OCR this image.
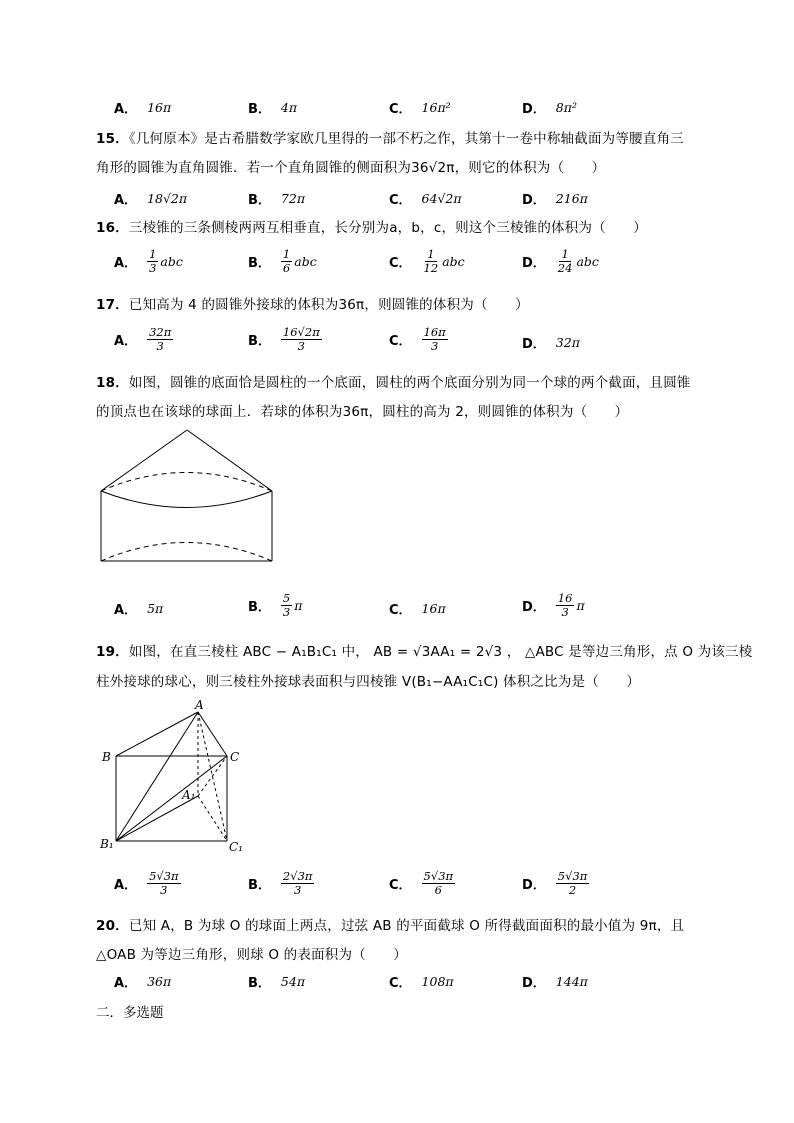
A． 16π	B． 4π	C． 16π²	D． 8π²
15．《几何原本》是古希腊数学家欧几里得的一部不朽之作，其第十一卷中称轴截面为等腰直角三
角形的圆锥为直角圆锥．若一个直角圆锥的侧面积为36√2π，则它的体积为（　　）
A． 18√2π	B． 72π	C． 64√2π	D． 216π
16．三棱锥的三条侧棱两两互相垂直，长分别为a，b，c，则这个三棱锥的体积为（　　）
A． $\frac{1}{3}$ abc	B． $\frac{1}{6}$ abc	C． $\frac{1}{12}$ abc	D． $\frac{1}{24}$ abc
17．已知高为 4 的圆锥外接球的体积为36π，则圆锥的体积为（　　）
A． $\frac{32\pi}{3}$	B． $\frac{16√2\pi}{3}$	C． $\frac{16\pi}{3}$	D． 32π
18．如图，圆锥的底面恰是圆柱的一个底面，圆柱的两个底面分别为同一个球的两个截面，且圆锥
的顶点也在该球的球面上．若球的体积为36π，圆柱的高为 2，则圆锥的体积为（　　）
A． 5π	B． $\frac{5}{3}$ π	C． 16π	D． $\frac{16}{3}$ π
19．如图，在直三棱柱 ABC − A₁B₁C₁ 中， AB = √3AA₁ = 2√3 ， △ABC 是等边三角形，点 O 为该三棱
柱外接球的球心，则三棱柱外接球表面积与四棱锥 V(B₁−AA₁C₁C) 体积之比为是（　　）
A
B	C
A₁
B₁	C₁
A． $\frac{5√3\pi}{3}$	B． $\frac{2√3\pi}{3}$	C． $\frac{5√3\pi}{6}$	D． $\frac{5√3\pi}{2}$
20．已知 A，B 为球 O 的球面上两点，过弦 AB 的平面截球 O 所得截面面积的最小值为 9π，且
△OAB 为等边三角形，则球 O 的表面积为（　　）
A． 36π	B． 54π	C． 108π	D． 144π
二．多选题
